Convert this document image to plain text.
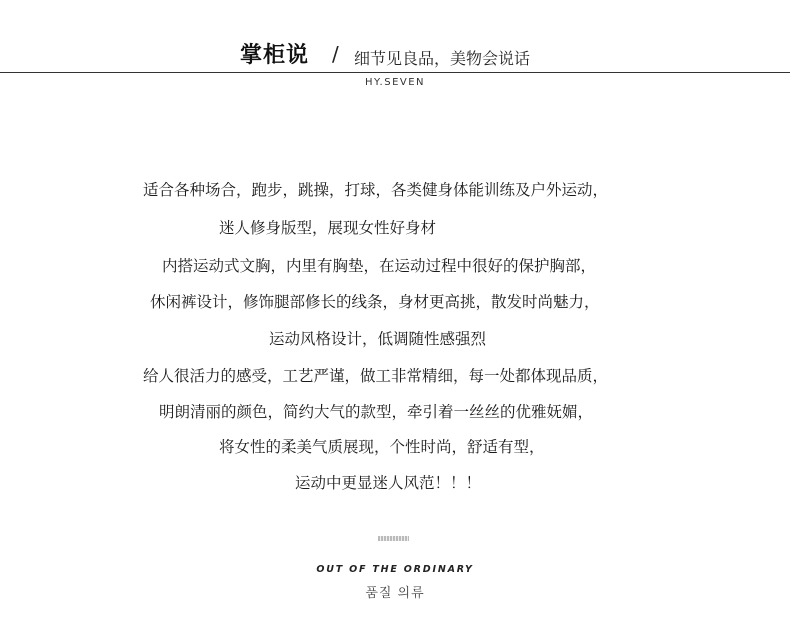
掌柜说 / 细节见良品，美物会说话
HY.SEVEN
适合各种场合，跑步，跳操，打球，各类健身体能训练及户外运动，
迷人修身版型，展现女性好身材
内搭运动式文胸，内里有胸垫，在运动过程中很好的保护胸部，
休闲裤设计，修饰腿部修长的线条，身材更高挑，散发时尚魅力，
运动风格设计，低调随性感强烈
给人很活力的感受，工艺严谨，做工非常精细，每一处都体现品质，
明朗清丽的颜色，简约大气的款型，牵引着一丝丝的优雅妩媚，
将女性的柔美气质展现，个性时尚，舒适有型，
运动中更显迷人风范！！！
OUT OF THE ORDINARY
품질 의류
